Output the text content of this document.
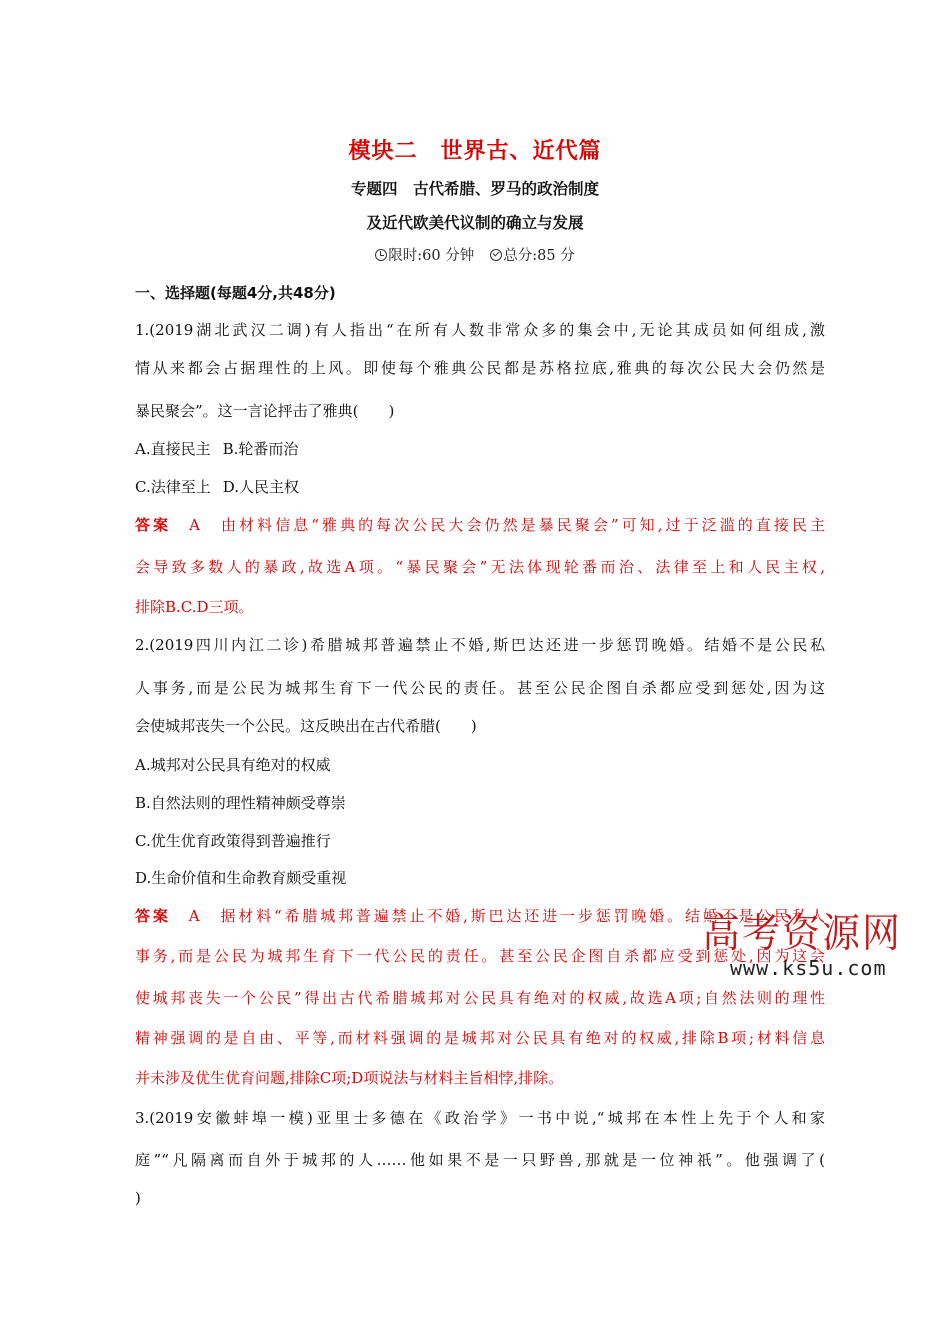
模块二　世界古、近代篇
专题四　古代希腊、罗马的政治制度
及近代欧美代议制的确立与发展
限时:60 分钟 总分:85 分
一、选择题(每题4分,共48分)
1.(2019湖北武汉二调)有人指出“在所有人数非常众多的集会中,无论其成员如何组成,激
情从来都会占据理性的上风。即使每个雅典公民都是苏格拉底,雅典的每次公民大会仍然是
暴民聚会”。这一言论抨击了雅典(　　)
A.直接民主 B.轮番而治
C.法律至上 D.人民主权
答案 A 由材料信息“雅典的每次公民大会仍然是暴民聚会”可知,过于泛滥的直接民主
会导致多数人的暴政,故选A项。“暴民聚会”无法体现轮番而治、法律至上和人民主权,
排除B.C.D三项。
2.(2019四川内江二诊)希腊城邦普遍禁止不婚,斯巴达还进一步惩罚晚婚。结婚不是公民私
人事务,而是公民为城邦生育下一代公民的责任。甚至公民企图自杀都应受到惩处,因为这
会使城邦丧失一个公民。这反映出在古代希腊(　　)
A.城邦对公民具有绝对的权威
B.自然法则的理性精神颇受尊崇
C.优生优育政策得到普遍推行
D.生命价值和生命教育颇受重视
答案 A 据材料“希腊城邦普遍禁止不婚,斯巴达还进一步惩罚晚婚。结婚不是公民私人
事务,而是公民为城邦生育下一代公民的责任。甚至公民企图自杀都应受到惩处,因为这会
使城邦丧失一个公民”得出古代希腊城邦对公民具有绝对的权威,故选A项;自然法则的理性
精神强调的是自由、平等,而材料强调的是城邦对公民具有绝对的权威,排除B项;材料信息
并未涉及优生优育问题,排除C项;D项说法与材料主旨相悖,排除。
3.(2019安徽蚌埠一模)亚里士多德在《政治学》一书中说,“城邦在本性上先于个人和家
庭”“凡隔离而自外于城邦的人……他如果不是一只野兽,那就是一位神祇”。他强调了(
)
高考资源网
www.ks5u.com
